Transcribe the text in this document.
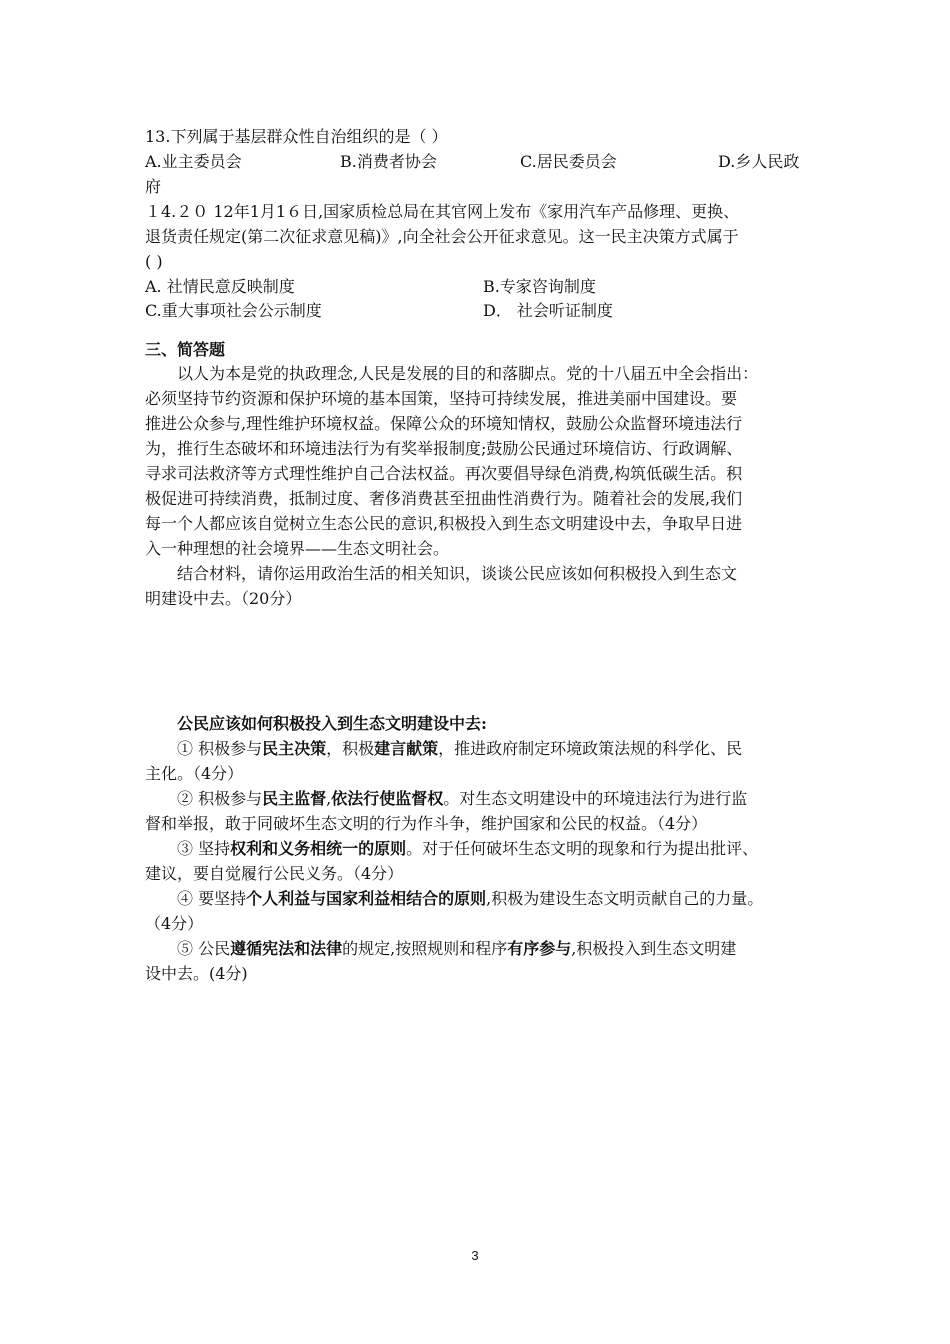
13.下列属于基层群众性自治组织的是（ ）
A.业主委员会	B.消费者协会	C.居民委员会	D.乡人民政
府
１4.２０ 12年1月1６日,国家质检总局在其官网上发布《家用汽车产品修理、更换、
退货责任规定(第二次征求意见稿)》,向全社会公开征求意见。这一民主决策方式属于
( )
A. 社情民意反映制度	B.专家咨询制度
C.重大事项社会公示制度	D． 社会听证制度
三、简答题
以人为本是党的执政理念,人民是发展的目的和落脚点。党的十八届五中全会指出：
必须坚持节约资源和保护环境的基本国策，坚持可持续发展，推进美丽中国建设。要
推进公众参与,理性维护环境权益。保障公众的环境知情权，鼓励公众监督环境违法行
为，推行生态破坏和环境违法行为有奖举报制度;鼓励公民通过环境信访、行政调解、
寻求司法救济等方式理性维护自己合法权益。再次要倡导绿色消费,构筑低碳生活。积
极促进可持续消费，抵制过度、奢侈消费甚至扭曲性消费行为。随着社会的发展,我们
每一个人都应该自觉树立生态公民的意识,积极投入到生态文明建设中去，争取早日进
入一种理想的社会境界——生态文明社会。
结合材料，请你运用政治生活的相关知识，谈谈公民应该如何积极投入到生态文
明建设中去。（20分）
公民应该如何积极投入到生态文明建设中去:
① 积极参与民主决策，积极建言献策，推进政府制定环境政策法规的科学化、民
主化。（4分）
② 积极参与民主监督,依法行使监督权。对生态文明建设中的环境违法行为进行监
督和举报，敢于同破坏生态文明的行为作斗争，维护国家和公民的权益。（4分）
③ 坚持权利和义务相统一的原则。对于任何破坏生态文明的现象和行为提出批评、
建议，要自觉履行公民义务。（4分）
④ 要坚持个人利益与国家利益相结合的原则,积极为建设生态文明贡献自己的力量。
（4分）
⑤ 公民遵循宪法和法律的规定,按照规则和程序有序参与,积极投入到生态文明建
设中去。(4分)
3
